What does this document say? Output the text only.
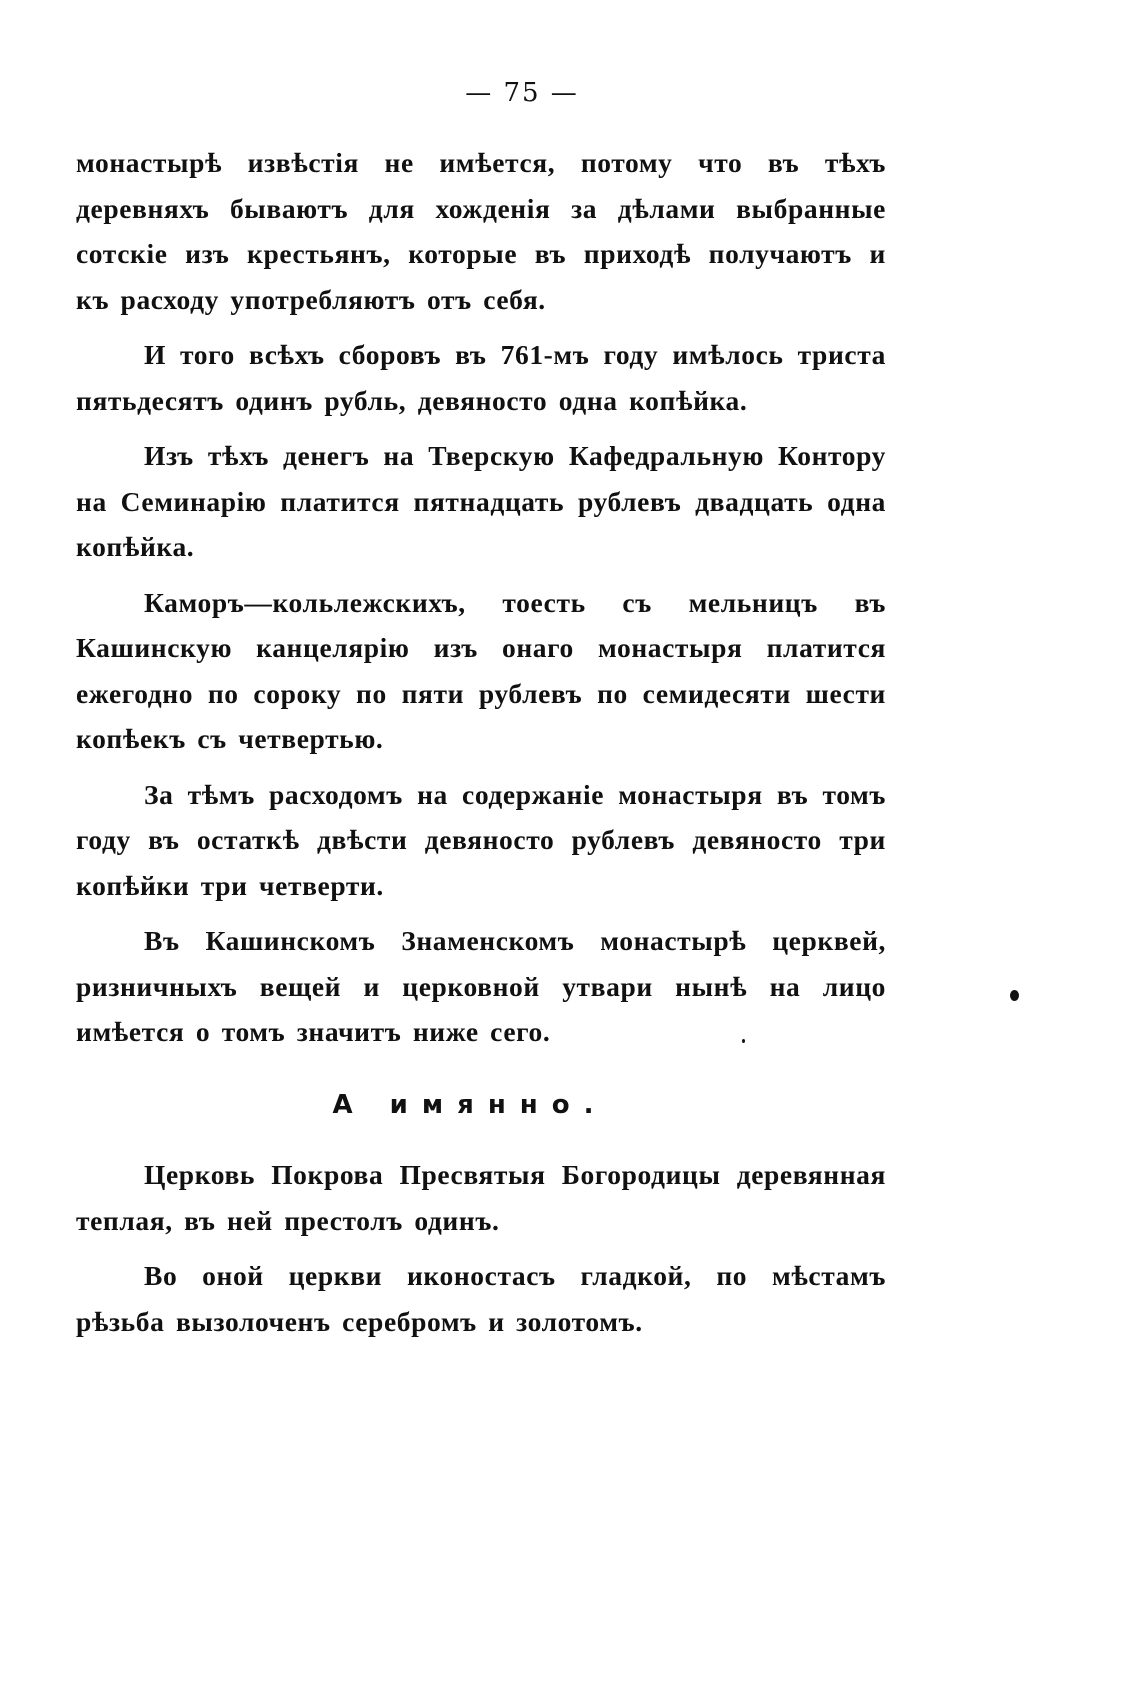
— 75 —

монастырѣ извѣстія не имѣется, потому что въ тѣхъ деревняхъ бываютъ для хожденія за дѣлами выбранные сотскіе изъ крестьянъ, которые въ приходѣ получаютъ и къ расходу употребляютъ отъ себя.

И того всѣхъ сборовъ въ 761-мъ году имѣлось триста пятьдесятъ одинъ рубль, девяносто одна копѣйка.

Изъ тѣхъ денегъ на Тверскую Кафедральную Контору на Семинарію платится пятнадцать рублевъ двадцать одна копѣйка.

Каморъ—кольлежскихъ, тоесть съ мельницъ въ Кашинскую канцелярію изъ онаго монастыря платится ежегодно по сороку по пяти рублевъ по семидесяти шести копѣекъ съ четвертью.

За тѣмъ расходомъ на содержаніе монастыря въ томъ году въ остаткѣ двѣсти девяносто рублевъ девяносто три копѣйки три четверти.

Въ Кашинскомъ Знаменскомъ монастырѣ церквей, ризничныхъ вещей и церковной утвари нынѣ на лицо имѣется о томъ значитъ ниже сего.

А имянно.

Церковь Покрова Пресвятыя Богородицы деревянная теплая, въ ней престолъ одинъ.

Во оной церкви иконостасъ гладкой, по мѣстамъ рѣзьба вызолоченъ серебромъ и золотомъ.
